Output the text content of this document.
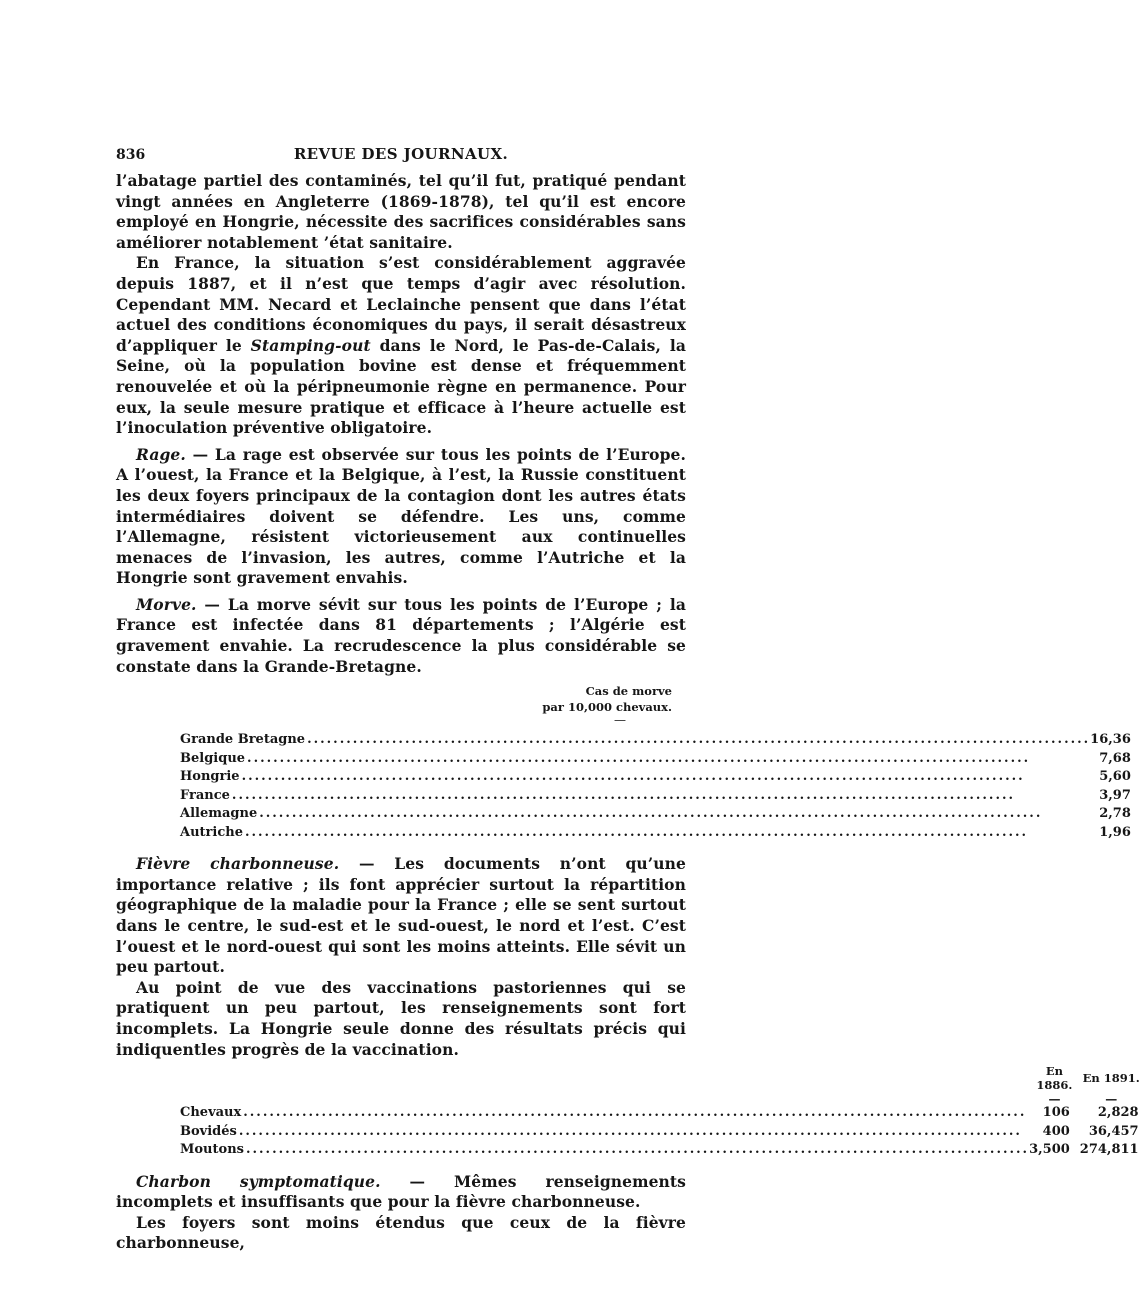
836	REVUE DES JOURNAUX.

l’abatage partiel des contaminés, tel qu’il fut, pratiqué pendant vingt années en Angleterre (1869-1878), tel qu’il est encore employé en Hongrie, nécessite des sacrifices considérables sans améliorer notablement ’état sanitaire.

En France, la situation s’est considérablement aggravée depuis 1887, et il n’est que temps d’agir avec résolution. Cependant MM. Necard et Leclainche pensent que dans l’état actuel des conditions économiques du pays, il serait désastreux d’appliquer le Stamping-out dans le Nord, le Pas-de-Calais, la Seine, où la population bovine est dense et fréquemment renouvelée et où la péripneumonie règne en permanence. Pour eux, la seule mesure pratique et efficace à l’heure actuelle est l’inoculation préventive obligatoire.

Rage. — La rage est observée sur tous les points de l’Europe. A l’ouest, la France et la Belgique, à l’est, la Russie constituent les deux foyers principaux de la contagion dont les autres états intermédiaires doivent se défendre. Les uns, comme l’Allemagne, résistent victorieusement aux continuelles menaces de l’invasion, les autres, comme l’Autriche et la Hongrie sont gravement envahis.

Morve. — La morve sévit sur tous les points de l’Europe ; la France est infectée dans 81 départements ; l’Algérie est gravement envahie. La recrudescence la plus considérable se constate dans la Grande-Bretagne.

Cas de morve
par 10,000 chevaux.
—
Grande Bretagne ........................................................................................................................	16,36

Belgique ........................................................................................................................	7,68

Hongrie ........................................................................................................................	5,60

France ........................................................................................................................	3,97

Allemagne ........................................................................................................................	2,78

Autriche ........................................................................................................................	1,96

Fièvre charbonneuse. — Les documents n’ont qu’une importance relative ; ils font apprécier surtout la répartition géographique de la maladie pour la France ; elle se sent surtout dans le centre, le sud-est et le sud-ouest, le nord et l’est. C’est l’ouest et le nord-ouest qui sont les moins atteints. Elle sévit un peu partout.

Au point de vue des vaccinations pastoriennes qui se pratiquent un peu partout, les renseignements sont fort incomplets. La Hongrie seule donne des résultats précis qui indiquentles progrès de la vaccination.

	En 1886.	En 1891.
	—	—

Chevaux ........................................................................................................................	106	2,828

Bovidés ........................................................................................................................	400	36,457

Moutons ........................................................................................................................	3,500	274,811

Charbon symptomatique. — Mêmes renseignements incomplets et insuffisants que pour la fièvre charbonneuse.

Les foyers sont moins étendus que ceux de la fièvre charbonneuse,
